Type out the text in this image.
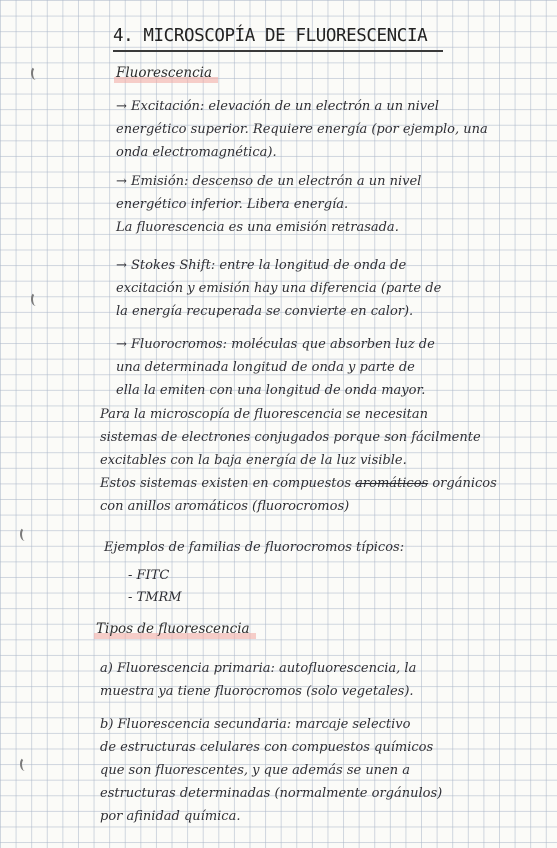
4. MICROSCOPÍA DE FLUORESCENCIA
Fluorescencia
→ Excitación: elevación de un electrón a un nivel
energético superior. Requiere energía (por ejemplo, una
onda electromagnética).
→ Emisión: descenso de un electrón a un nivel
energético inferior. Libera energía.
La fluorescencia es una emisión retrasada.
→ Stokes Shift: entre la longitud de onda de
excitación y emisión hay una diferencia (parte de
la energía recuperada se convierte en calor).
→ Fluorocromos: moléculas que absorben luz de
una determinada longitud de onda y parte de
ella la emiten con una longitud de onda mayor.
Para la microscopía de fluorescencia se necesitan
sistemas de electrones conjugados porque son fácilmente
excitables con la baja energía de la luz visible.
Estos sistemas existen en compuestos aromáticos orgánicos
con anillos aromáticos (fluorocromos)
Ejemplos de familias de fluorocromos típicos:
- FITC
- TMRM
Tipos de fluorescencia
a) Fluorescencia primaria: autofluorescencia, la
muestra ya tiene fluorocromos (solo vegetales).
b) Fluorescencia secundaria: marcaje selectivo
de estructuras celulares con compuestos químicos
que son fluorescentes, y que además se unen a
estructuras determinadas (normalmente orgánulos)
por afinidad química.
